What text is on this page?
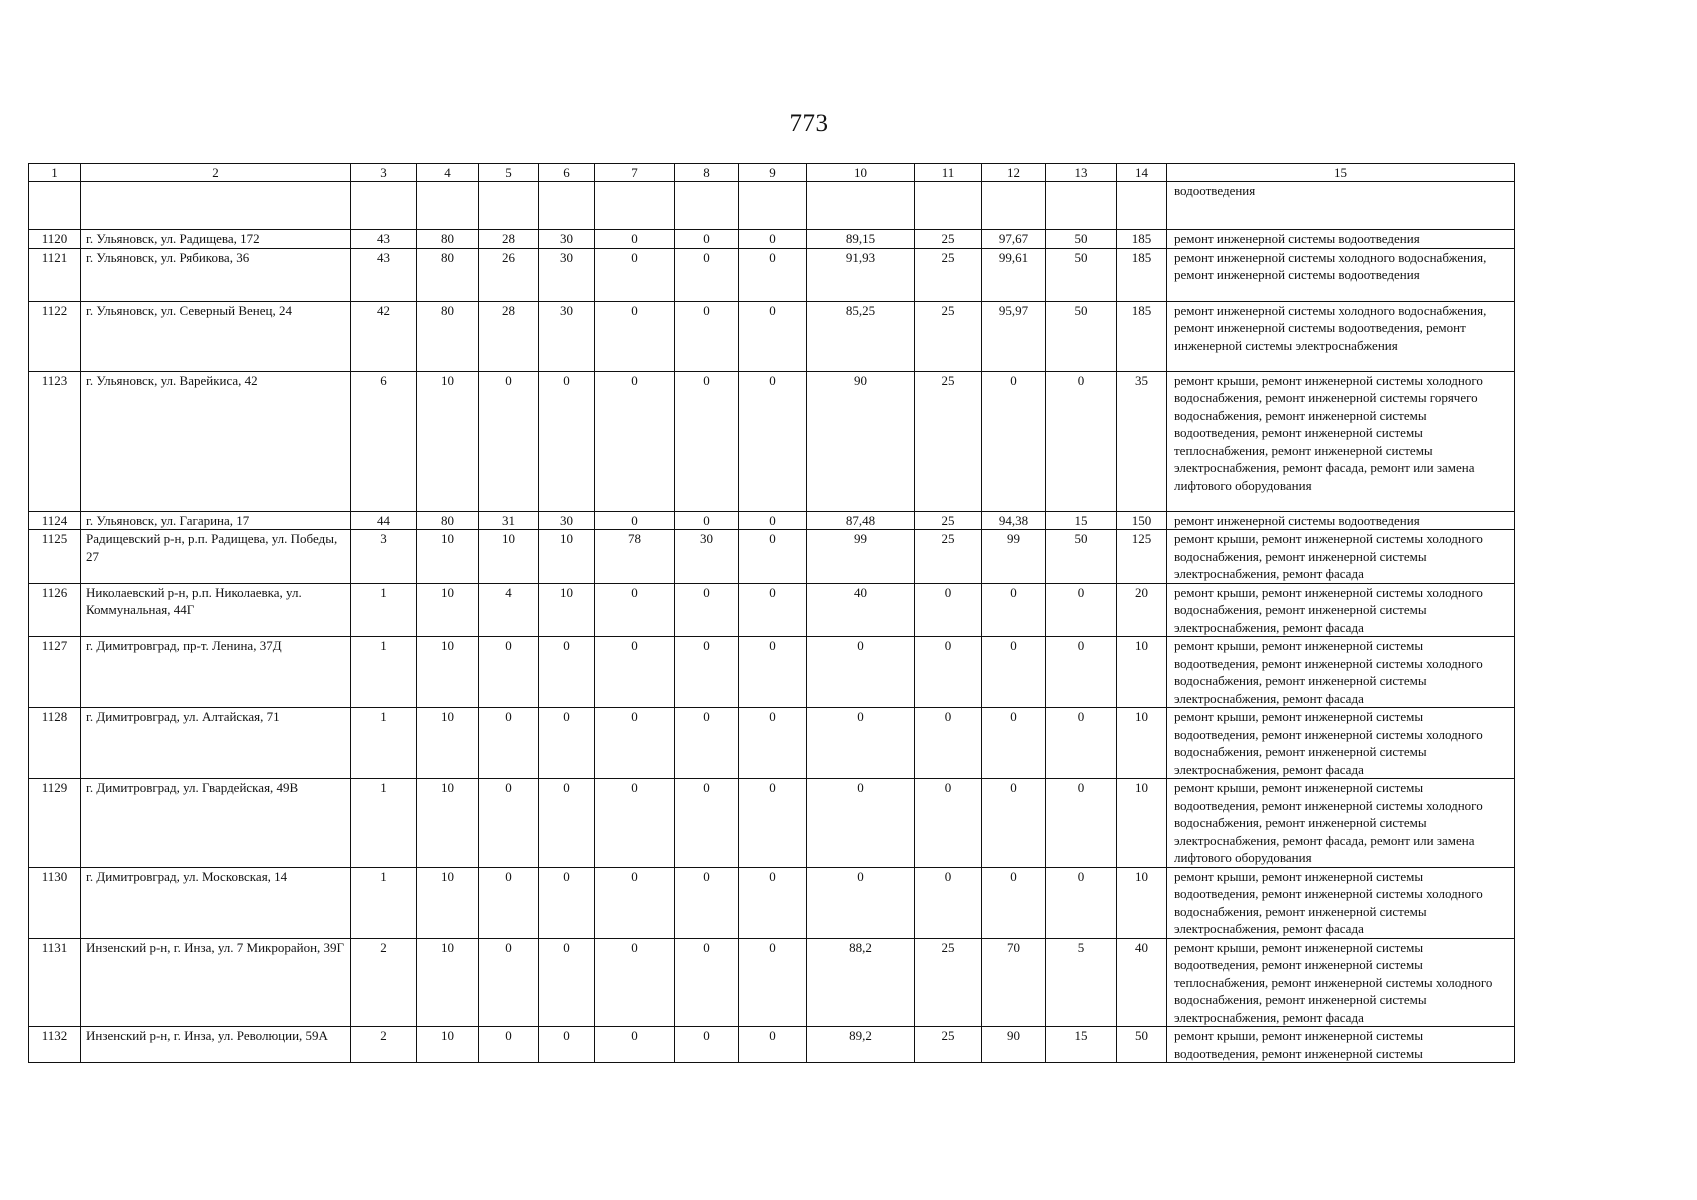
773
1	2	3	4	5	6	7	8	9	10	11	12	13	14	15
														водоотведения
1120	г. Ульяновск, ул. Радищева, 172	43	80	28	30	0	0	0	89,15	25	97,67	50	185	ремонт инженерной системы водоотведения
1121	г. Ульяновск, ул. Рябикова, 36	43	80	26	30	0	0	0	91,93	25	99,61	50	185	ремонт инженерной системы холодного водоснабжения, ремонт инженерной системы водоотведения
1122	г. Ульяновск, ул. Северный Венец, 24	42	80	28	30	0	0	0	85,25	25	95,97	50	185	ремонт инженерной системы холодного водоснабжения, ремонт инженерной системы водоотведения, ремонт инженерной системы электроснабжения
1123	г. Ульяновск, ул. Варейкиса, 42	6	10	0	0	0	0	0	90	25	0	0	35	ремонт крыши, ремонт инженерной системы холодного водоснабжения, ремонт инженерной системы горячего водоснабжения, ремонт инженерной системы водоотведения, ремонт инженерной системы теплоснабжения, ремонт инженерной системы электроснабжения, ремонт фасада, ремонт или замена лифтового оборудования
1124	г. Ульяновск, ул. Гагарина, 17	44	80	31	30	0	0	0	87,48	25	94,38	15	150	ремонт инженерной системы водоотведения
1125	Радищевский р-н, р.п. Радищева, ул. Победы, 27	3	10	10	10	78	30	0	99	25	99	50	125	ремонт крыши, ремонт инженерной системы холодного водоснабжения, ремонт инженерной системы электроснабжения, ремонт фасада
1126	Николаевский р-н, р.п. Николаевка, ул. Коммунальная, 44Г	1	10	4	10	0	0	0	40	0	0	0	20	ремонт крыши, ремонт инженерной системы холодного водоснабжения, ремонт инженерной системы электроснабжения, ремонт фасада
1127	г. Димитровград, пр-т. Ленина, 37Д	1	10	0	0	0	0	0	0	0	0	0	10	ремонт крыши, ремонт инженерной системы водоотведения, ремонт инженерной системы холодного водоснабжения, ремонт инженерной системы электроснабжения, ремонт фасада
1128	г. Димитровград, ул. Алтайская, 71	1	10	0	0	0	0	0	0	0	0	0	10	ремонт крыши, ремонт инженерной системы водоотведения, ремонт инженерной системы холодного водоснабжения, ремонт инженерной системы электроснабжения, ремонт фасада
1129	г. Димитровград, ул. Гвардейская, 49В	1	10	0	0	0	0	0	0	0	0	0	10	ремонт крыши, ремонт инженерной системы водоотведения, ремонт инженерной системы холодного водоснабжения, ремонт инженерной системы электроснабжения, ремонт фасада, ремонт или замена лифтового оборудования
1130	г. Димитровград, ул. Московская, 14	1	10	0	0	0	0	0	0	0	0	0	10	ремонт крыши, ремонт инженерной системы водоотведения, ремонт инженерной системы холодного водоснабжения, ремонт инженерной системы электроснабжения, ремонт фасада
1131	Инзенский р-н, г. Инза, ул. 7 Микрорайон, 39Г	2	10	0	0	0	0	0	88,2	25	70	5	40	ремонт крыши, ремонт инженерной системы водоотведения, ремонт инженерной системы теплоснабжения, ремонт инженерной системы холодного водоснабжения, ремонт инженерной системы электроснабжения, ремонт фасада
1132	Инзенский р-н, г. Инза, ул. Революции, 59А	2	10	0	0	0	0	0	89,2	25	90	15	50	ремонт крыши, ремонт инженерной системы водоотведения, ремонт инженерной системы
